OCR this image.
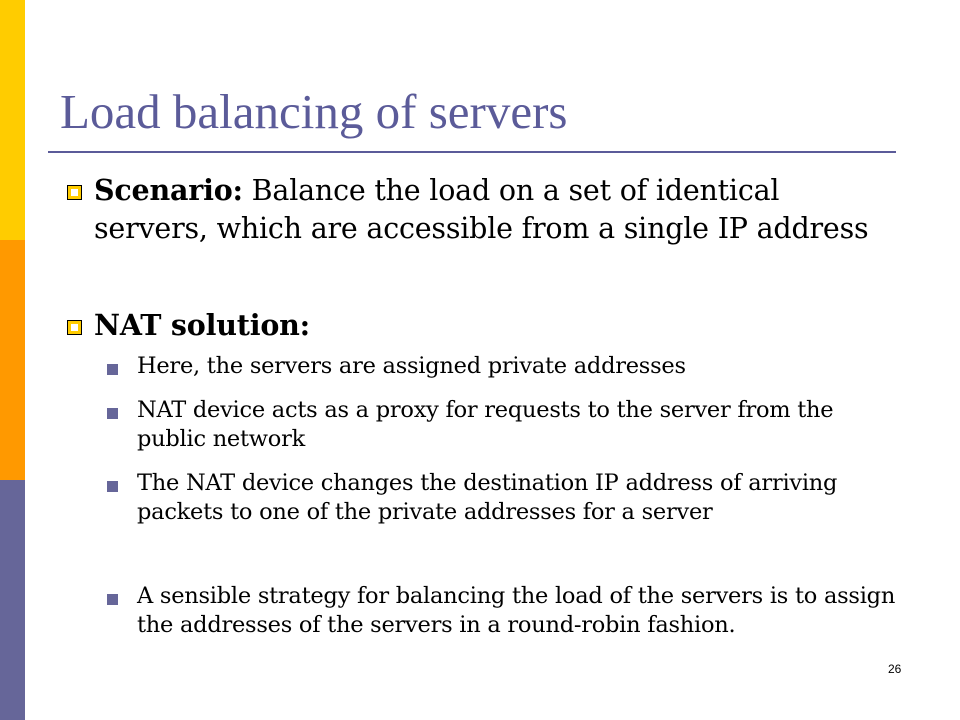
Load balancing of servers
Scenario: Balance the load on a set of identical servers, which are accessible from a single IP address
NAT solution:
Here, the servers are assigned private addresses
NAT device acts as a proxy for requests to the server from the public network
The NAT device changes the destination IP address of arriving packets to one of the private addresses for a server
A sensible strategy for balancing the load of the servers is to assign the addresses of the servers in a round-robin fashion.
26
